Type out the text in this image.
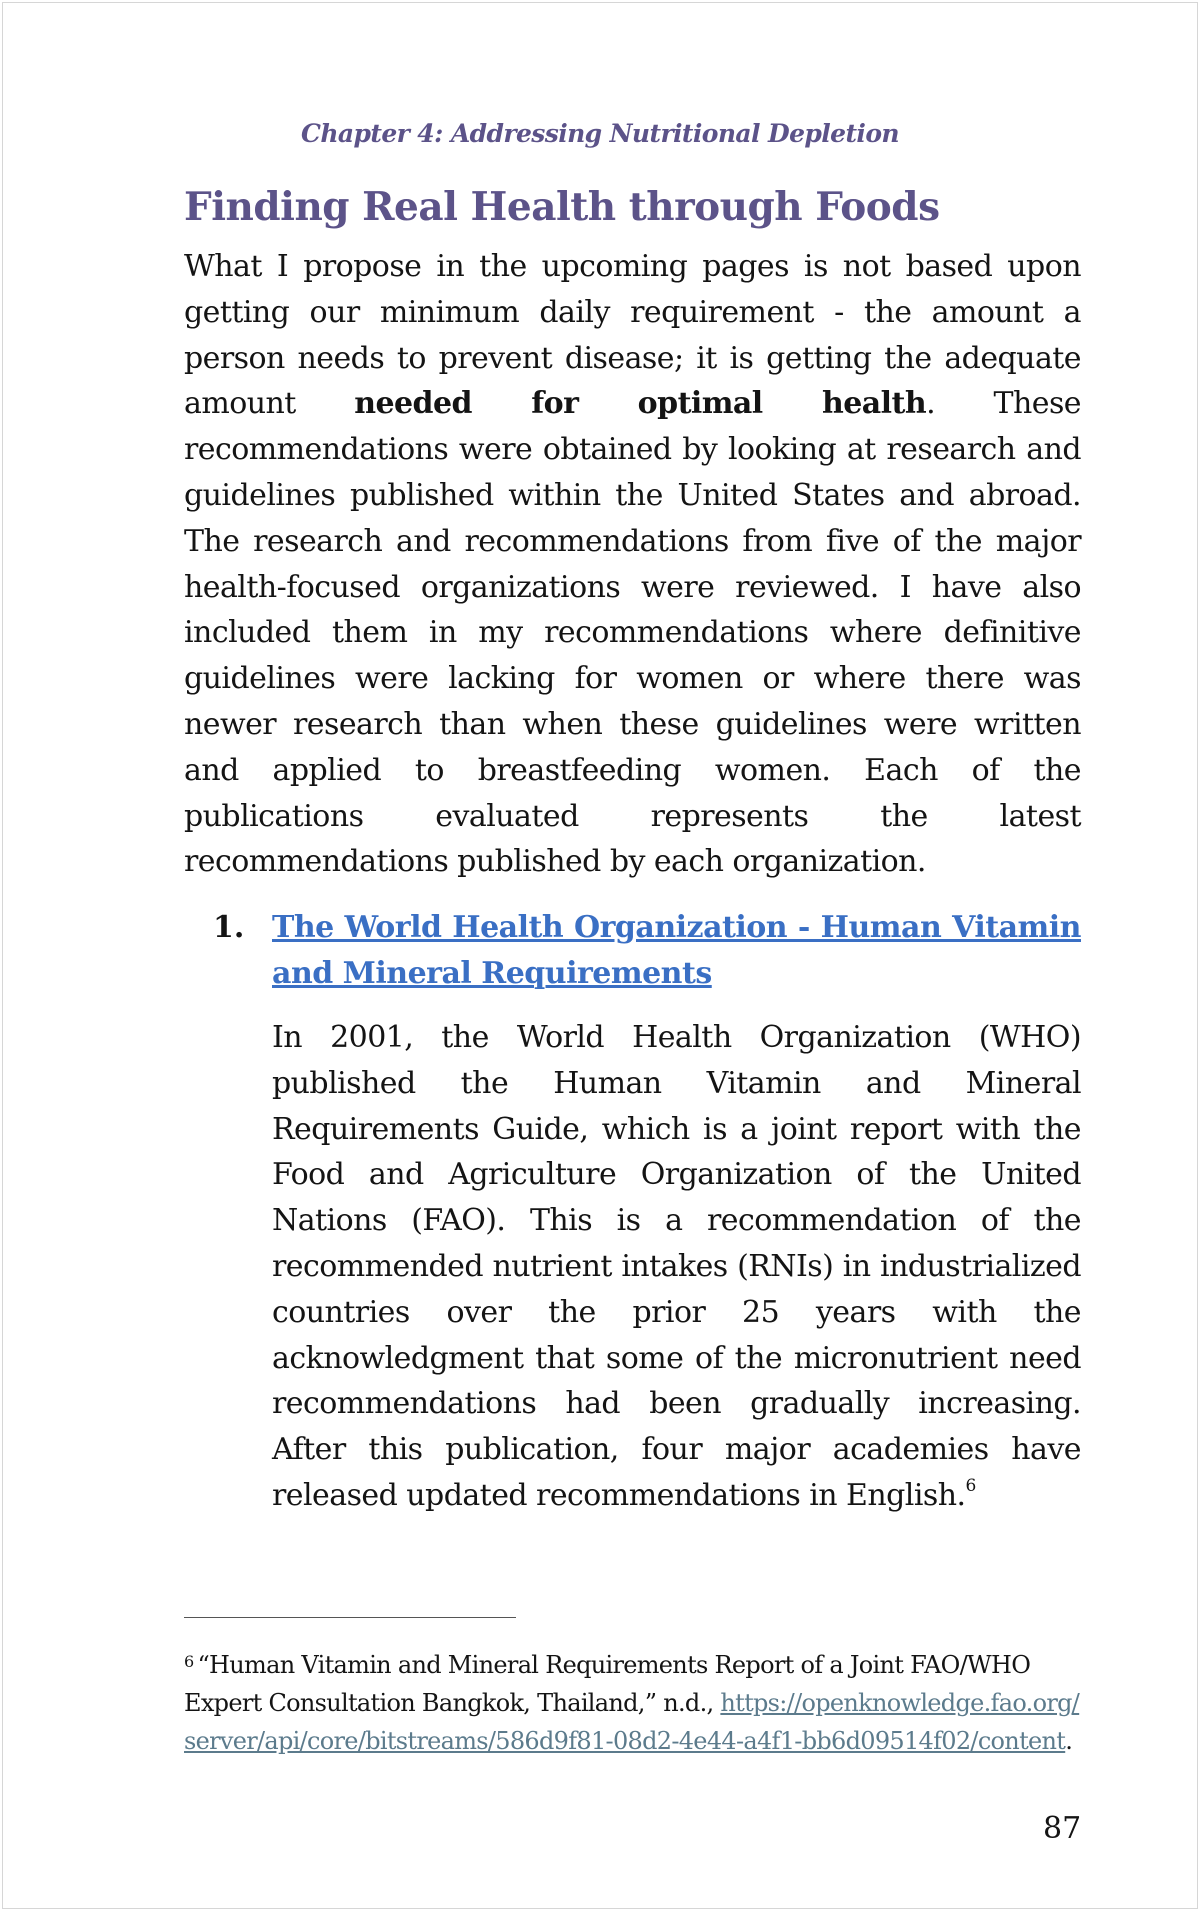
Chapter 4: Addressing Nutritional Depletion
Finding Real Health through Foods

What I propose in the upcoming pages is not based upon getting our minimum daily requirement - the amount a person needs to prevent disease; it is getting the adequate amount needed for optimal health. These recommendations were obtained by looking at research and guidelines published within the United States and abroad. The research and recommendations from five of the major health-focused organizations were reviewed. I have also included them in my recommendations where definitive guidelines were lacking for women or where there was newer research than when these guidelines were written and applied to breastfeeding women. Each of the publications evaluated represents the latest recommendations published by each organization.

1. The World Health Organization - Human Vitamin and Mineral Requirements

In 2001, the World Health Organization (WHO) published the Human Vitamin and Mineral Requirements Guide, which is a joint report with the Food and Agriculture Organization of the United Nations (FAO). This is a recommendation of the recommended nutrient intakes (RNIs) in industrialized countries over the prior 25 years with the acknowledgment that some of the micronutrient need recommendations had been gradually increasing. After this publication, four major academies have released updated recommendations in English.$^6$

$^6$ “Human Vitamin and Mineral Requirements Report of a Joint FAO/WHO Expert Consultation Bangkok, Thailand,” n.d., https://openknowledge.fao.org/server/api/core/bitstreams/586d9f81-08d2-4e44-a4f1-bb6d09514f02/content.
87
